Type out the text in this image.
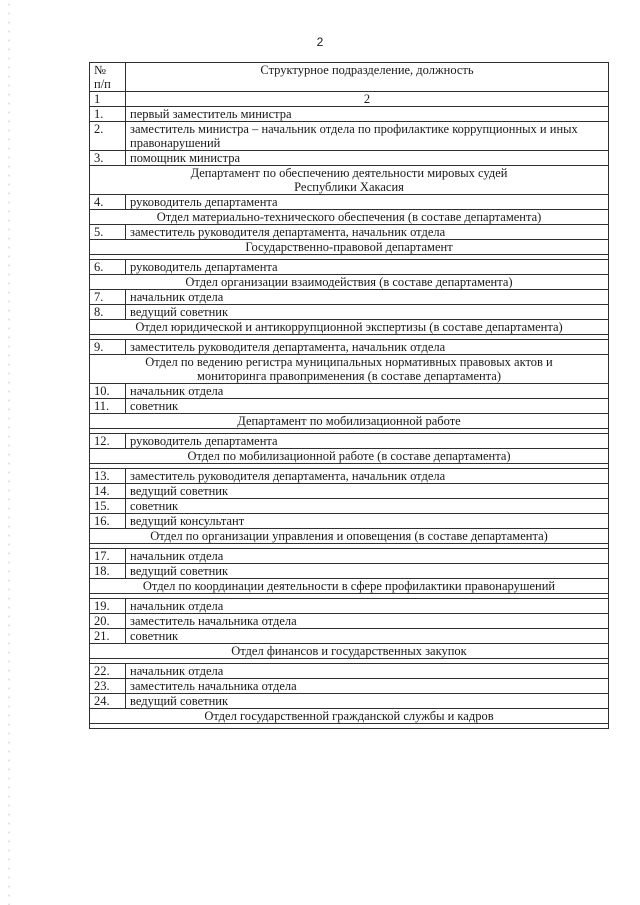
2
№
п/п	Структурное подразделение, должность
1	2
1.	первый заместитель министра
2.	заместитель министра – начальник отдела по профилактике коррупционных и иных правонарушений
3.	помощник министра
Департамент по обеспечению деятельности мировых судей
Республики Хакасия	
4.	руководитель департамента
Отдел материально-технического обеспечения (в составе департамента)	
5.	заместитель руководителя департамента, начальник отдела
Государственно-правовой департамент	

6.	руководитель департамента
Отдел организации взаимодействия (в составе департамента)	
7.	начальник отдела
8.	ведущий советник
Отдел юридической и антикоррупционной экспертизы (в составе департамента)	

9.	заместитель руководителя департамента, начальник отдела
Отдел по ведению регистра муниципальных нормативных правовых актов и
мониторинга правоприменения (в составе департамента)	
10.	начальник отдела
11.	советник
Департамент по мобилизационной работе	

12.	руководитель департамента
Отдел по мобилизационной работе (в составе департамента)	

13.	заместитель руководителя департамента, начальник отдела
14.	ведущий советник
15.	советник
16.	ведущий консультант
Отдел по организации управления и оповещения (в составе департамента)	

17.	начальник отдела
18.	ведущий советник
Отдел по координации деятельности в сфере профилактики правонарушений	

19.	начальник отдела
20.	заместитель начальника отдела
21.	советник
Отдел финансов и государственных закупок	

22.	начальник отдела
23.	заместитель начальника отдела
24.	ведущий советник
Отдел государственной гражданской службы и кадров	
